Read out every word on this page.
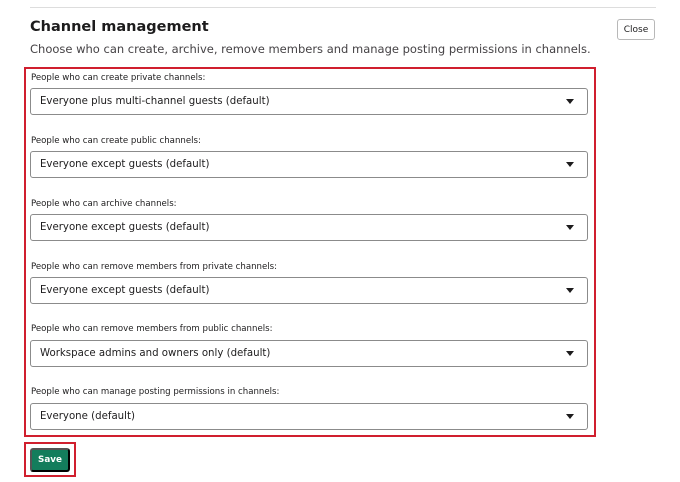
Channel management
Choose who can create, archive, remove members and manage posting permissions in channels.
Close
People who can create private channels:
Everyone plus multi-channel guests (default)
People who can create public channels:
Everyone except guests (default)
People who can archive channels:
Everyone except guests (default)
People who can remove members from private channels:
Everyone except guests (default)
People who can remove members from public channels:
Workspace admins and owners only (default)
People who can manage posting permissions in channels:
Everyone (default)
Save
